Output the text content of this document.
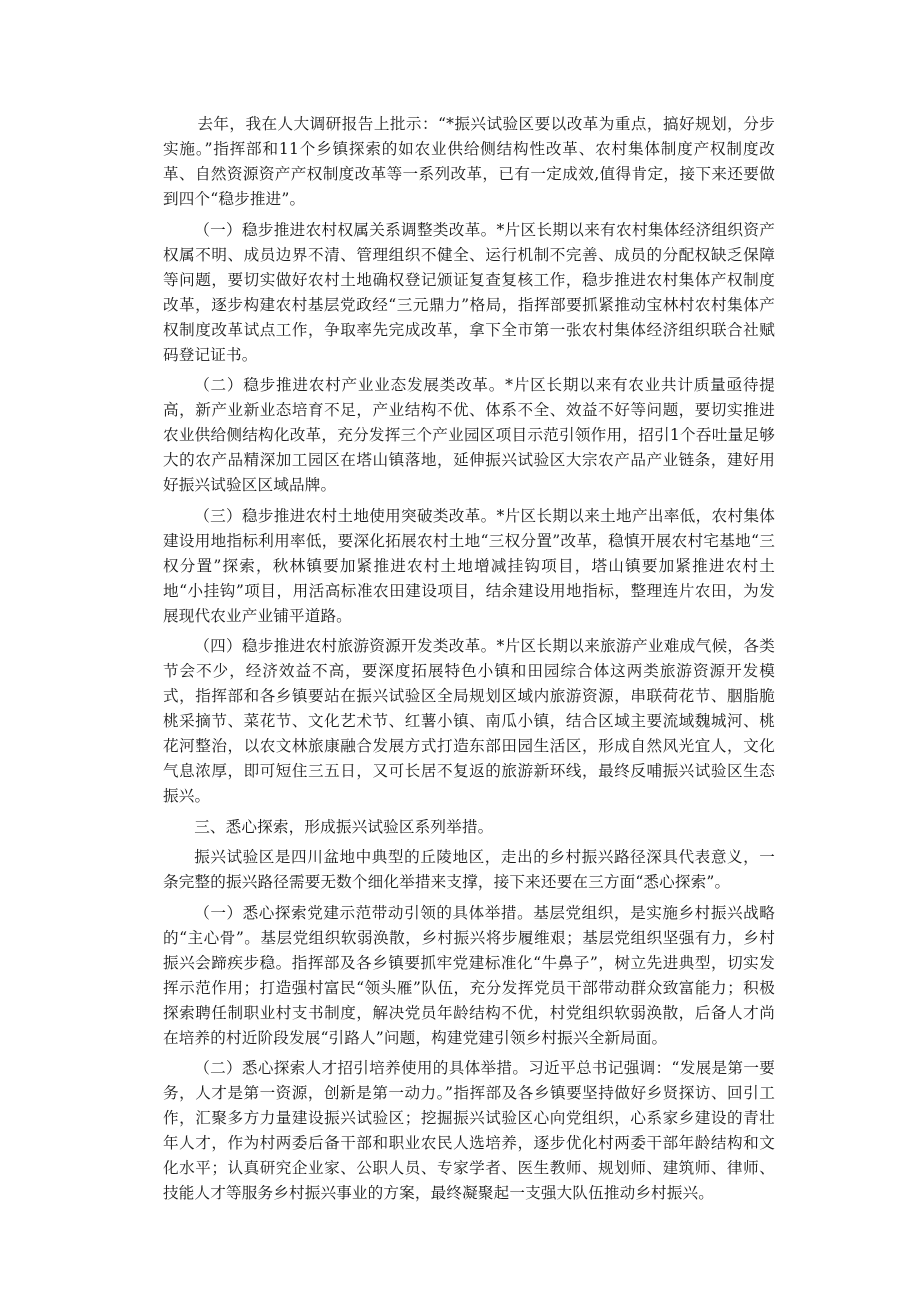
去年，我在人大调研报告上批示：“*振兴试验区要以改革为重点，搞好规划，分步实施。”指挥部和11个乡镇探索的如农业供给侧结构性改革、农村集体制度产权制度改革、自然资源资产产权制度改革等一系列改革，已有一定成效,值得肯定，接下来还要做到四个“稳步推进”。

（一）稳步推进农村权属关系调整类改革。*片区长期以来有农村集体经济组织资产权属不明、成员边界不清、管理组织不健全、运行机制不完善、成员的分配权缺乏保障等问题，要切实做好农村土地确权登记颁证复查复核工作，稳步推进农村集体产权制度改革，逐步构建农村基层党政经“三元鼎力”格局，指挥部要抓紧推动宝林村农村集体产权制度改革试点工作，争取率先完成改革，拿下全市第一张农村集体经济组织联合社赋码登记证书。

（二）稳步推进农村产业业态发展类改革。*片区长期以来有农业共计质量亟待提高，新产业新业态培育不足，产业结构不优、体系不全、效益不好等问题，要切实推进农业供给侧结构化改革，充分发挥三个产业园区项目示范引领作用，招引1个吞吐量足够大的农产品精深加工园区在塔山镇落地，延伸振兴试验区大宗农产品产业链条，建好用好振兴试验区区域品牌。

（三）稳步推进农村土地使用突破类改革。*片区长期以来土地产出率低，农村集体建设用地指标利用率低，要深化拓展农村土地“三权分置”改革，稳慎开展农村宅基地“三权分置”探索，秋林镇要加紧推进农村土地增减挂钩项目，塔山镇要加紧推进农村土地“小挂钩”项目，用活高标准农田建设项目，结余建设用地指标，整理连片农田，为发展现代农业产业铺平道路。

（四）稳步推进农村旅游资源开发类改革。*片区长期以来旅游产业难成气候，各类节会不少，经济效益不高，要深度拓展特色小镇和田园综合体这两类旅游资源开发模式，指挥部和各乡镇要站在振兴试验区全局规划区域内旅游资源，串联荷花节、胭脂脆桃采摘节、菜花节、文化艺术节、红薯小镇、南瓜小镇，结合区域主要流域魏城河、桃花河整治，以农文林旅康融合发展方式打造东部田园生活区，形成自然风光宜人，文化气息浓厚，即可短住三五日，又可长居不复返的旅游新环线，最终反哺振兴试验区生态振兴。

三、悉心探索，形成振兴试验区系列举措。

振兴试验区是四川盆地中典型的丘陵地区，走出的乡村振兴路径深具代表意义，一条完整的振兴路径需要无数个细化举措来支撑，接下来还要在三方面“悉心探索”。

（一）悉心探索党建示范带动引领的具体举措。基层党组织，是实施乡村振兴战略的“主心骨”。基层党组织软弱涣散，乡村振兴将步履维艰；基层党组织坚强有力，乡村振兴会蹄疾步稳。指挥部及各乡镇要抓牢党建标准化“牛鼻子”，树立先进典型，切实发挥示范作用；打造强村富民“领头雁”队伍，充分发挥党员干部带动群众致富能力；积极探索聘任制职业村支书制度，解决党员年龄结构不优，村党组织软弱涣散，后备人才尚在培养的村近阶段发展“引路人”问题，构建党建引领乡村振兴全新局面。

（二）悉心探索人才招引培养使用的具体举措。习近平总书记强调：“发展是第一要务，人才是第一资源，创新是第一动力。”指挥部及各乡镇要坚持做好乡贤探访、回引工作，汇聚多方力量建设振兴试验区；挖掘振兴试验区心向党组织，心系家乡建设的青壮年人才，作为村两委后备干部和职业农民人选培养，逐步优化村两委干部年龄结构和文化水平；认真研究企业家、公职人员、专家学者、医生教师、规划师、建筑师、律师、技能人才等服务乡村振兴事业的方案，最终凝聚起一支强大队伍推动乡村振兴。
